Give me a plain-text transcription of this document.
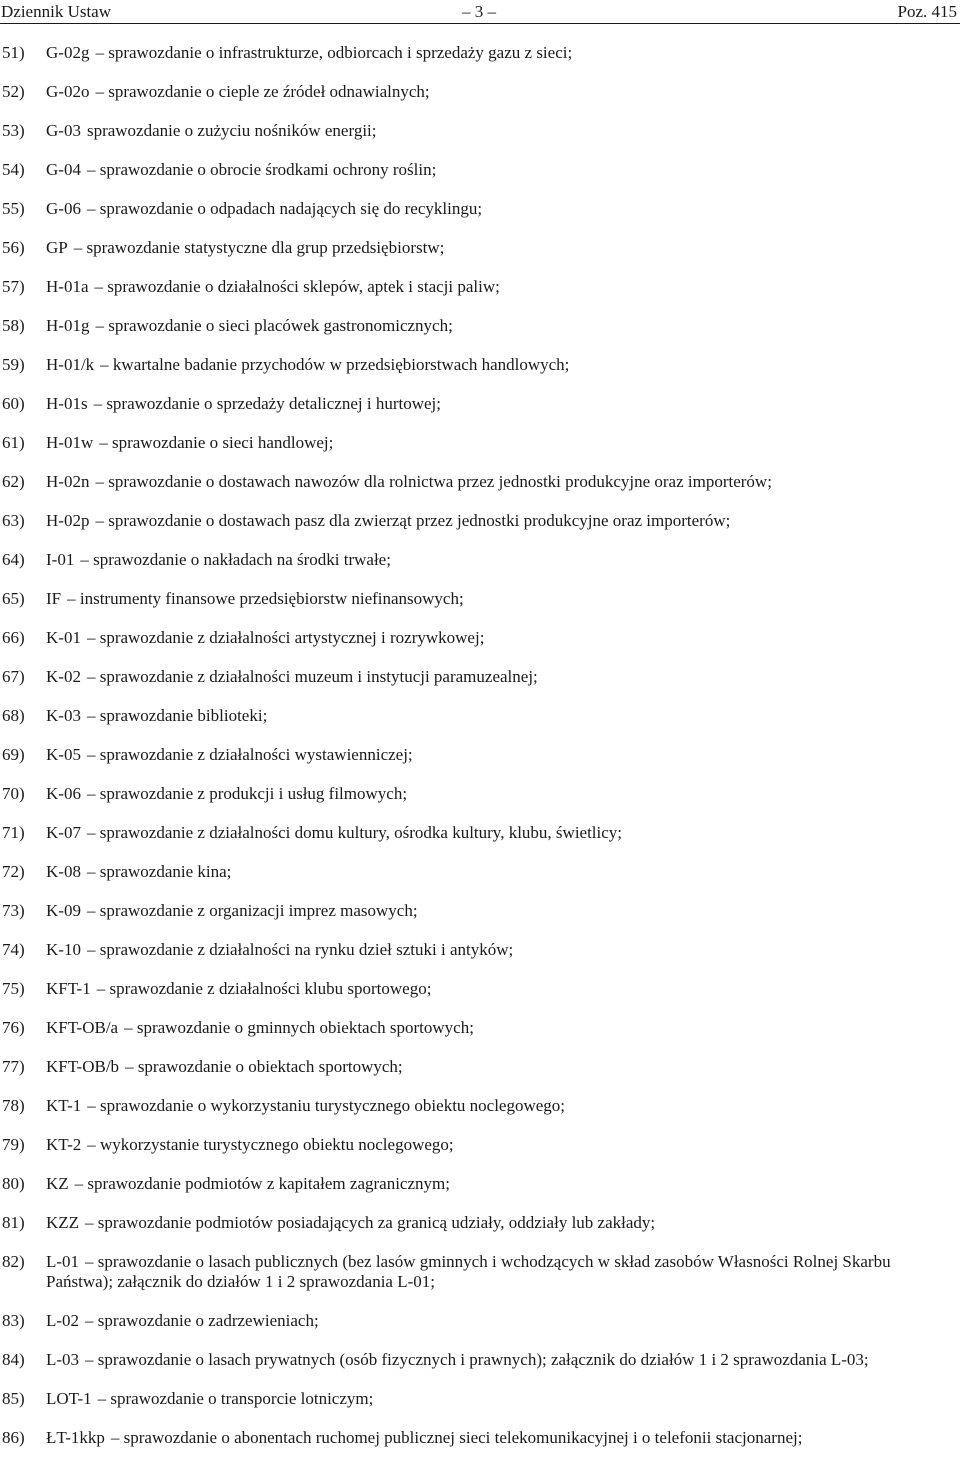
Dziennik Ustaw	– 3 –	Poz. 415
51) G-02g – sprawozdanie o infrastrukturze, odbiorcach i sprzedaży gazu z sieci;
52) G-02o – sprawozdanie o cieple ze źródeł odnawialnych;
53) G-03 sprawozdanie o zużyciu nośników energii;
54) G-04 – sprawozdanie o obrocie środkami ochrony roślin;
55) G-06 – sprawozdanie o odpadach nadających się do recyklingu;
56) GP – sprawozdanie statystyczne dla grup przedsiębiorstw;
57) H-01a – sprawozdanie o działalności sklepów, aptek i stacji paliw;
58) H-01g – sprawozdanie o sieci placówek gastronomicznych;
59) H-01/k – kwartalne badanie przychodów w przedsiębiorstwach handlowych;
60) H-01s – sprawozdanie o sprzedaży detalicznej i hurtowej;
61) H-01w – sprawozdanie o sieci handlowej;
62) H-02n – sprawozdanie o dostawach nawozów dla rolnictwa przez jednostki produkcyjne oraz importerów;
63) H-02p – sprawozdanie o dostawach pasz dla zwierząt przez jednostki produkcyjne oraz importerów;
64) I-01 – sprawozdanie o nakładach na środki trwałe;
65) IF – instrumenty finansowe przedsiębiorstw niefinansowych;
66) K-01 – sprawozdanie z działalności artystycznej i rozrywkowej;
67) K-02 – sprawozdanie z działalności muzeum i instytucji paramuzealnej;
68) K-03 – sprawozdanie biblioteki;
69) K-05 – sprawozdanie z działalności wystawienniczej;
70) K-06 – sprawozdanie z produkcji i usług filmowych;
71) K-07 – sprawozdanie z działalności domu kultury, ośrodka kultury, klubu, świetlicy;
72) K-08 – sprawozdanie kina;
73) K-09 – sprawozdanie z organizacji imprez masowych;
74) K-10 – sprawozdanie z działalności na rynku dzieł sztuki i antyków;
75) KFT-1 – sprawozdanie z działalności klubu sportowego;
76) KFT-OB/a – sprawozdanie o gminnych obiektach sportowych;
77) KFT-OB/b – sprawozdanie o obiektach sportowych;
78) KT-1 – sprawozdanie o wykorzystaniu turystycznego obiektu noclegowego;
79) KT-2 – wykorzystanie turystycznego obiektu noclegowego;
80) KZ – sprawozdanie podmiotów z kapitałem zagranicznym;
81) KZZ – sprawozdanie podmiotów posiadających za granicą udziały, oddziały lub zakłady;
82) L-01 – sprawozdanie o lasach publicznych (bez lasów gminnych i wchodzących w skład zasobów Własności Rolnej Skarbu Państwa); załącznik do działów 1 i 2 sprawozdania L-01;
83) L-02 – sprawozdanie o zadrzewieniach;
84) L-03 – sprawozdanie o lasach prywatnych (osób fizycznych i prawnych); załącznik do działów 1 i 2 sprawozdania L-03;
85) LOT-1 – sprawozdanie o transporcie lotniczym;
86) ŁT-1kkp – sprawozdanie o abonentach ruchomej publicznej sieci telekomunikacyjnej i o telefonii stacjonarnej;
